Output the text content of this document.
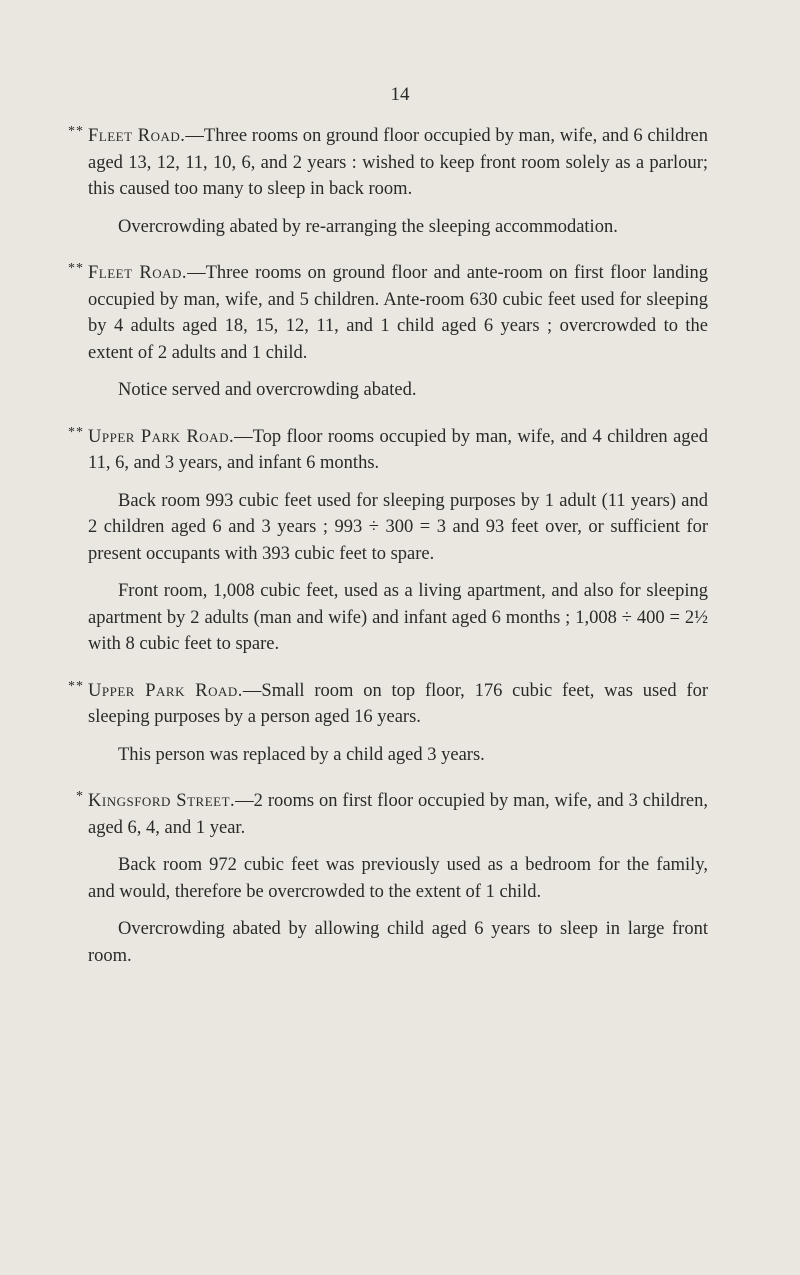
14

** Fleet Road.—Three rooms on ground floor occupied by man, wife, and 6 children aged 13, 12, 11, 10, 6, and 2 years : wished to keep front room solely as a parlour; this caused too many to sleep in back room.

Overcrowding abated by re-arranging the sleeping accommodation.

** Fleet Road.—Three rooms on ground floor and ante-room on first floor landing occupied by man, wife, and 5 children. Ante-room 630 cubic feet used for sleeping by 4 adults aged 18, 15, 12, 11, and 1 child aged 6 years ; overcrowded to the extent of 2 adults and 1 child.

Notice served and overcrowding abated.

** Upper Park Road.—Top floor rooms occupied by man, wife, and 4 children aged 11, 6, and 3 years, and infant 6 months.

Back room 993 cubic feet used for sleeping purposes by 1 adult (11 years) and 2 children aged 6 and 3 years ; 993 ÷ 300 = 3 and 93 feet over, or sufficient for present occupants with 393 cubic feet to spare.

Front room, 1,008 cubic feet, used as a living apartment, and also for sleeping apartment by 2 adults (man and wife) and infant aged 6 months ; 1,008 ÷ 400 = 2½ with 8 cubic feet to spare.

** Upper Park Road.—Small room on top floor, 176 cubic feet, was used for sleeping purposes by a person aged 16 years.

This person was replaced by a child aged 3 years.

* Kingsford Street.—2 rooms on first floor occupied by man, wife, and 3 children, aged 6, 4, and 1 year.

Back room 972 cubic feet was previously used as a bedroom for the family, and would, therefore be overcrowded to the extent of 1 child.

Overcrowding abated by allowing child aged 6 years to sleep in large front room.
